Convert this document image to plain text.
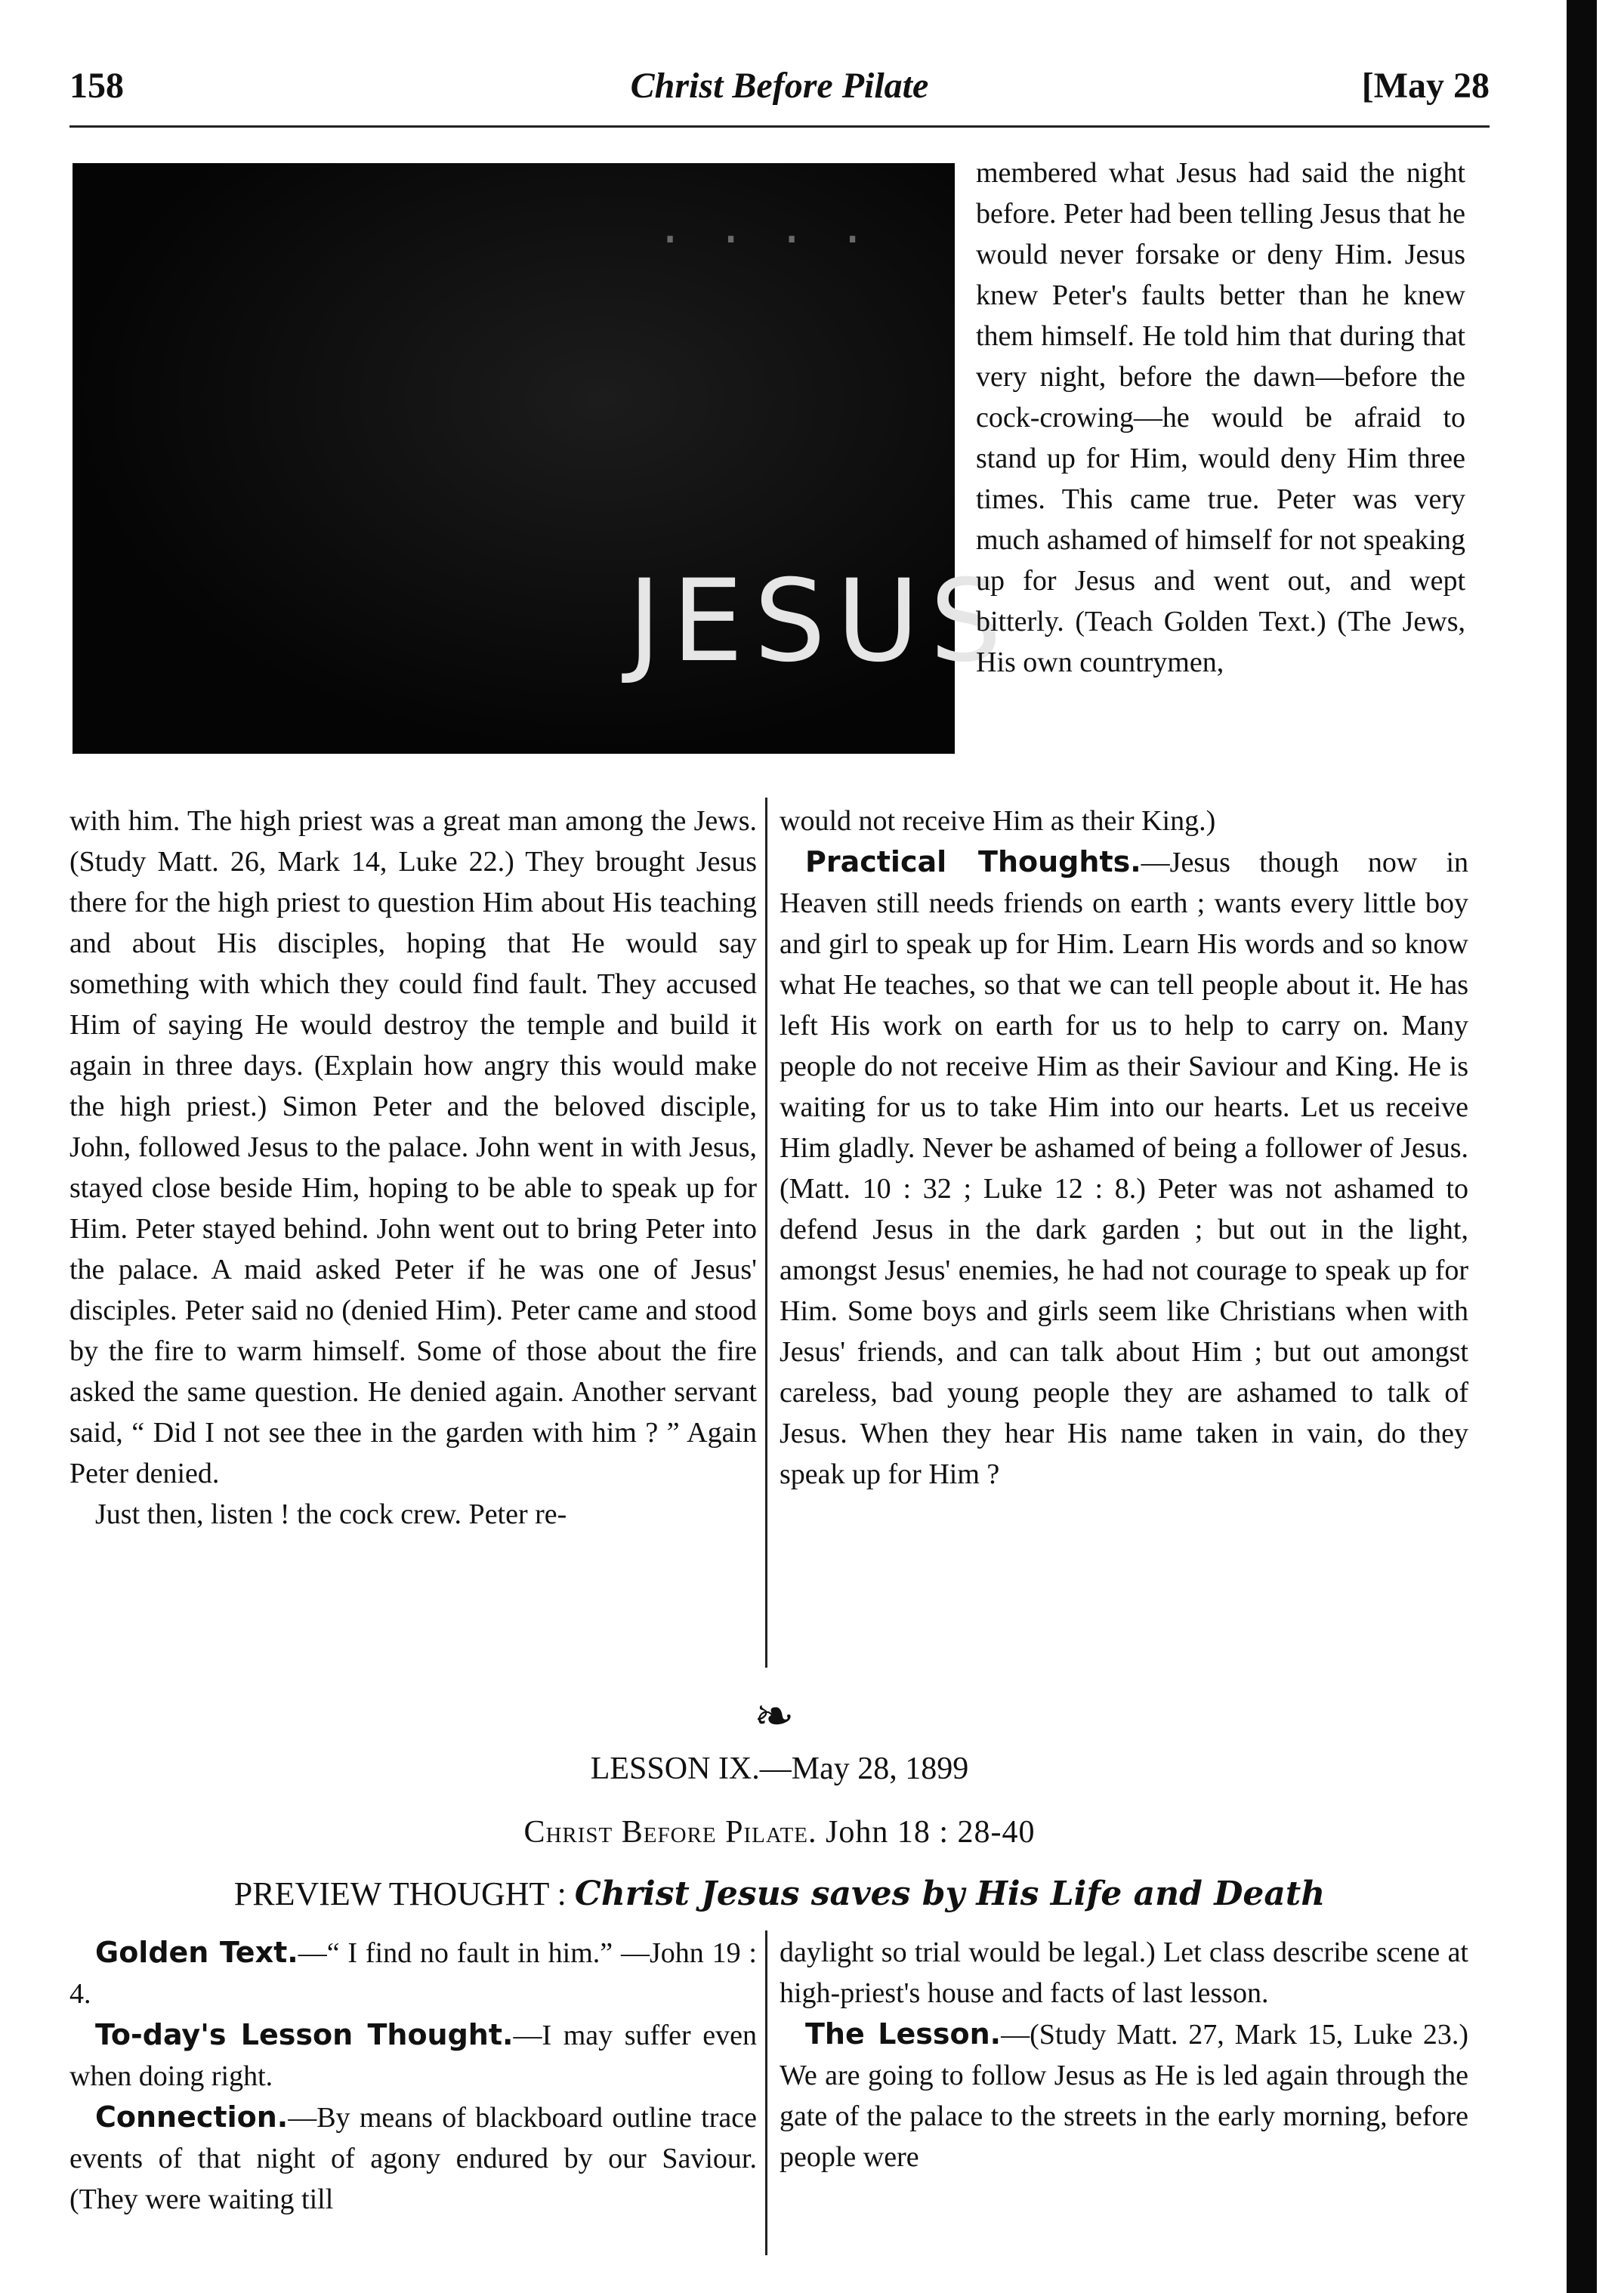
158	Christ Before Pilate	[May 28
· · · ·
JESUS

membered what Jesus had said the night before. Peter had been telling Jesus that he would never forsake or deny Him. Jesus knew Peter's faults better than he knew them himself. He told him that during that very night, before the dawn—before the cock-crowing—he would be afraid to stand up for Him, would deny Him three times. This came true. Peter was very much ashamed of himself for not speaking up for Jesus and went out, and wept bitterly. (Teach Golden Text.) (The Jews, His own countrymen,

with him. The high priest was a great man among the Jews. (Study Matt. 26, Mark 14, Luke 22.) They brought Jesus there for the high priest to question Him about His teaching and about His disciples, hoping that He would say something with which they could find fault. They accused Him of saying He would destroy the temple and build it again in three days. (Explain how angry this would make the high priest.) Simon Peter and the beloved disciple, John, followed Jesus to the palace. John went in with Jesus, stayed close beside Him, hoping to be able to speak up for Him. Peter stayed behind. John went out to bring Peter into the palace. A maid asked Peter if he was one of Jesus' disciples. Peter said no (denied Him). Peter came and stood by the fire to warm himself. Some of those about the fire asked the same question. He denied again. Another servant said, “ Did I not see thee in the garden with him ? ” Again Peter denied.

Just then, listen ! the cock crew. Peter re-

would not receive Him as their King.)

Practical Thoughts.—Jesus though now in Heaven still needs friends on earth ; wants every little boy and girl to speak up for Him. Learn His words and so know what He teaches, so that we can tell people about it. He has left His work on earth for us to help to carry on. Many people do not receive Him as their Saviour and King. He is waiting for us to take Him into our hearts. Let us receive Him gladly. Never be ashamed of being a follower of Jesus. (Matt. 10 : 32 ; Luke 12 : 8.) Peter was not ashamed to defend Jesus in the dark garden ; but out in the light, amongst Jesus' enemies, he had not courage to speak up for Him. Some boys and girls seem like Christians when with Jesus' friends, and can talk about Him ; but out amongst careless, bad young people they are ashamed to talk of Jesus. When they hear His name taken in vain, do they speak up for Him ?

❧
LESSON IX.—May 28, 1899
Christ Before Pilate. John 18 : 28-40
PREVIEW THOUGHT : Christ Jesus saves by His Life and Death

Golden Text.—“ I find no fault in him.” —John 19 : 4.

To-day's Lesson Thought.—I may suffer even when doing right.

Connection.—By means of blackboard outline trace events of that night of agony endured by our Saviour. (They were waiting till

daylight so trial would be legal.) Let class describe scene at high-priest's house and facts of last lesson.

The Lesson.—(Study Matt. 27, Mark 15, Luke 23.) We are going to follow Jesus as He is led again through the gate of the palace to the streets in the early morning, before people were
